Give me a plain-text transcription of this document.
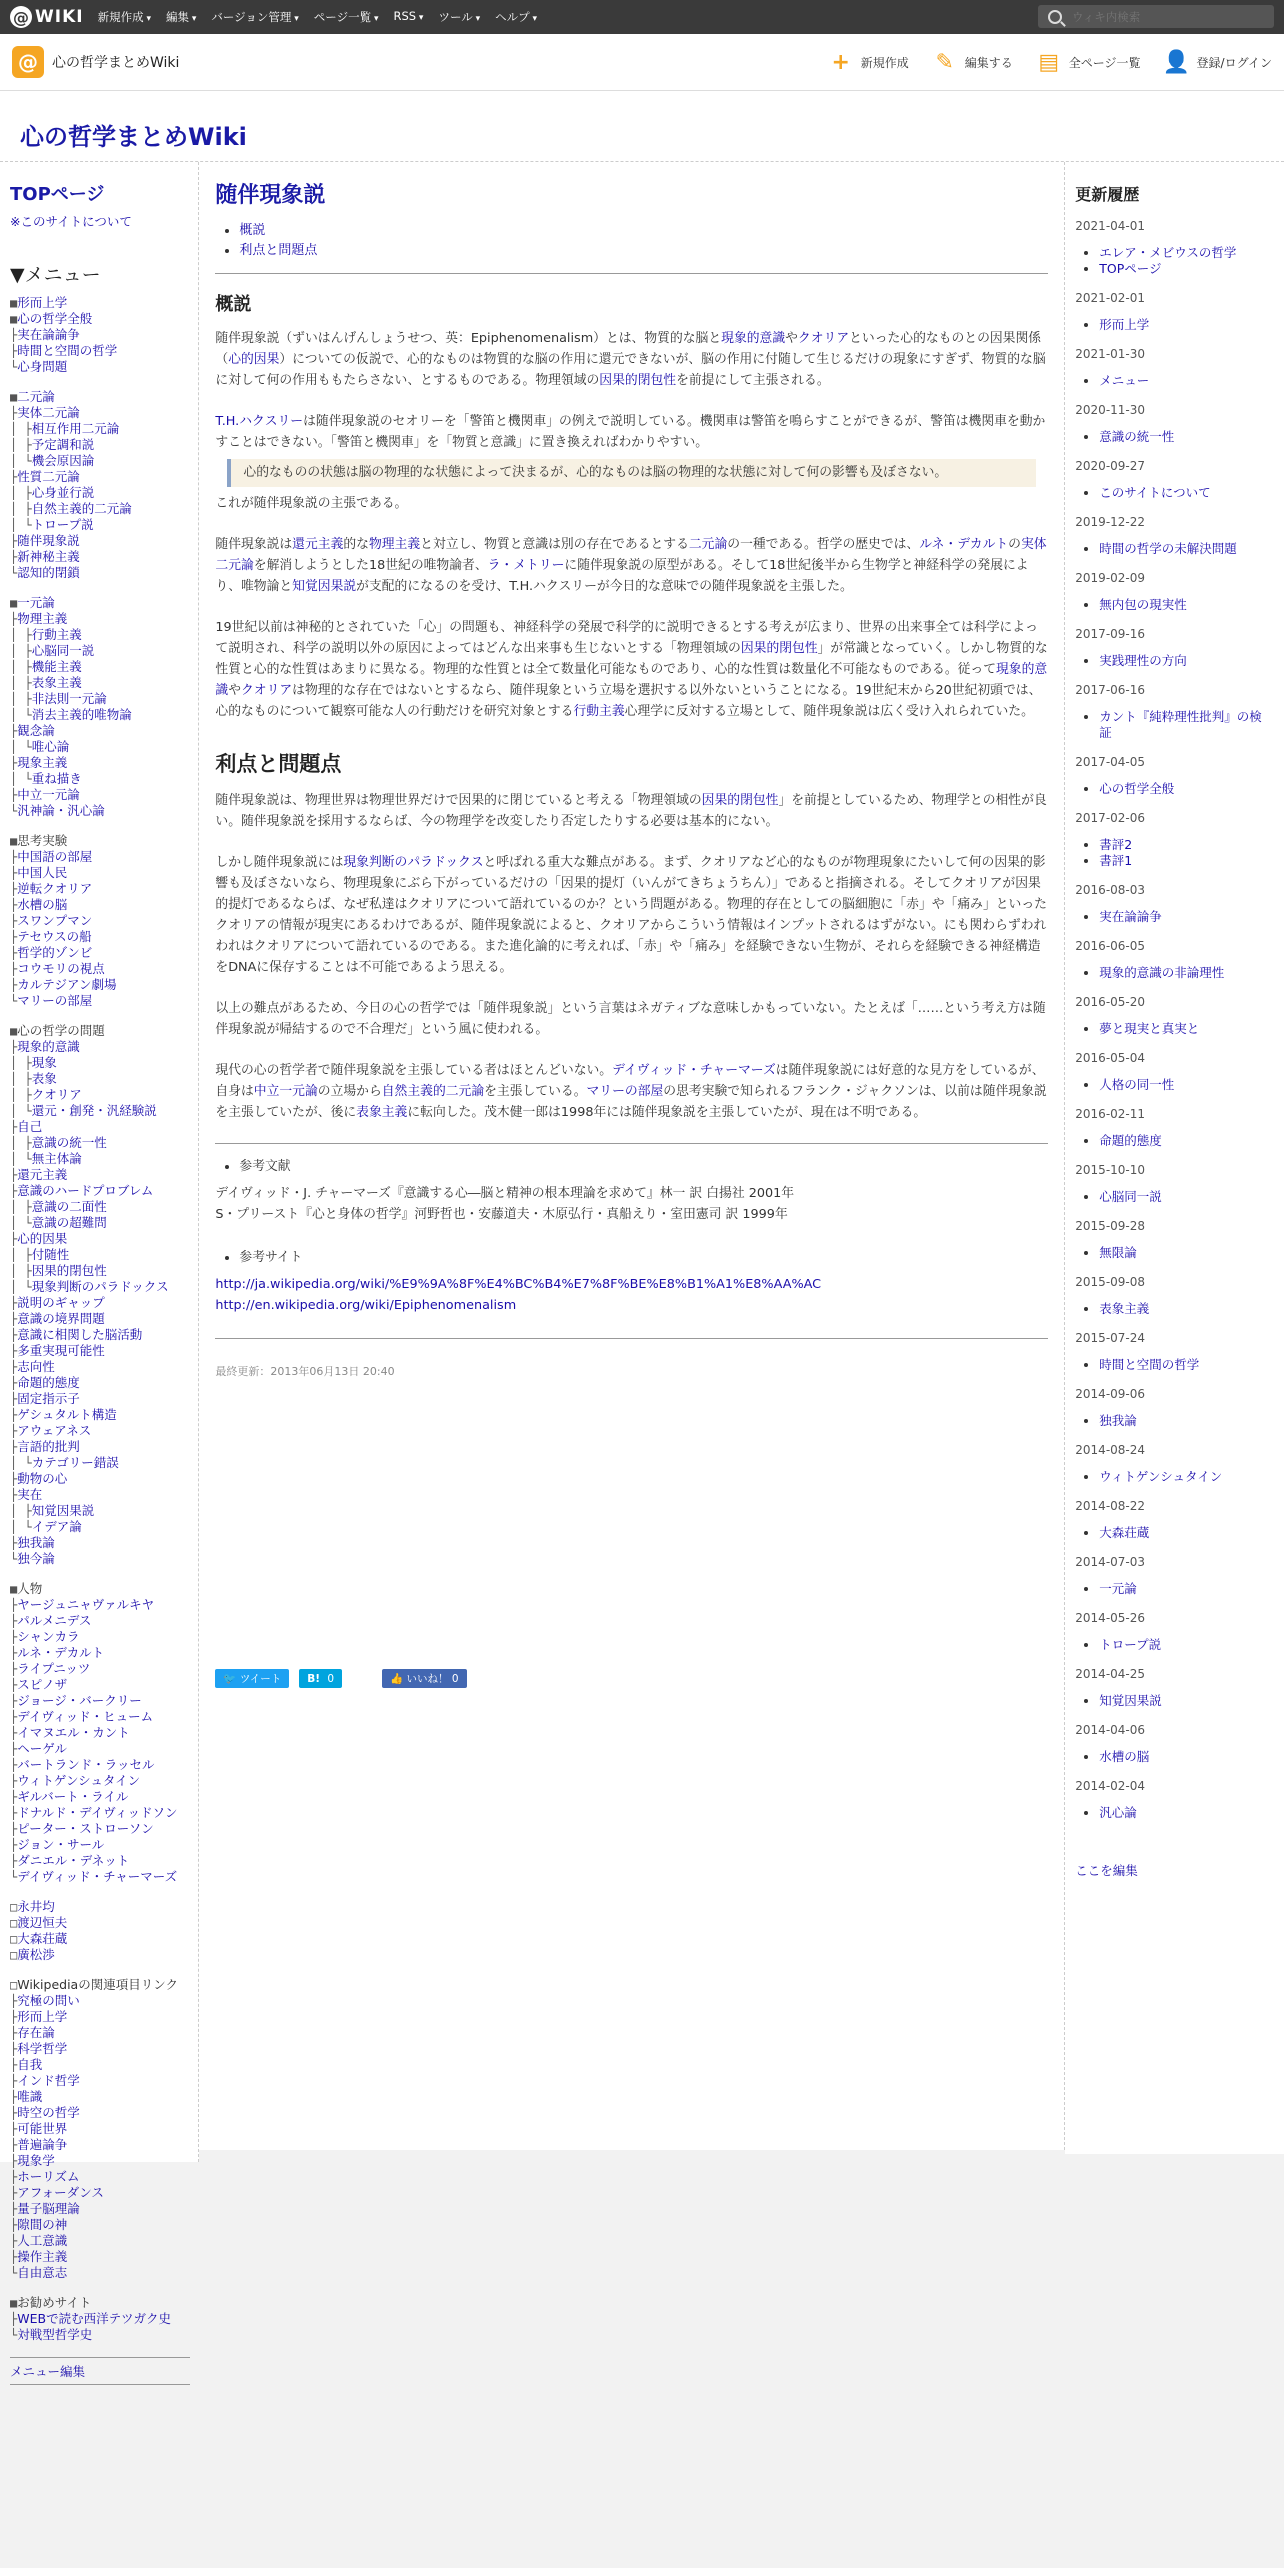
@ WIKI 新規作成 ▾	編集 ▾	バージョン管理 ▾	ページ一覧 ▾	RSS ▾	ツール ▾	ヘルプ ▾
ウィキ内検索
@	心の哲学まとめWiki	+ 新規作成 ✎ 編集する ▤ 全ページ一覧 👤 登録/ログイン
心の哲学まとめWiki
TOPページ
※このサイトについて
▼メニュー
■形而上学
■心の哲学全般
├実在論論争
├時間と空間の哲学
└心身問題
■二元論
├実体二元論
│ ├相互作用二元論
│ ├予定調和説
│ └機会原因論
├性質二元論
│ ├心身並行説
│ ├自然主義的二元論
│ └トロープ説
├随伴現象説
├新神秘主義
└認知的閉鎖
■一元論
├物理主義
│ ├行動主義
│ ├心脳同一説
│ ├機能主義
│ ├表象主義
│ ├非法則一元論
│ └消去主義的唯物論
├観念論
│ └唯心論
├現象主義
│ └重ね描き
├中立一元論
└汎神論・汎心論
■思考実験
├中国語の部屋
├中国人民
├逆転クオリア
├水槽の脳
├スワンプマン
├テセウスの船
├哲学的ゾンビ
├コウモリの視点
├カルテジアン劇場
└マリーの部屋
■心の哲学の問題
├現象的意識
│ ├現象
│ ├表象
│ ├クオリア
│ └還元・創発・汎経験説
├自己
│ ├意識の統一性
│ └無主体論
├還元主義
├意識のハードプロブレム
│ ├意識の二面性
│ └意識の超難問
├心的因果
│ ├付随性
│ ├因果的閉包性
│ └現象判断のパラドックス
├説明のギャップ
├意識の境界問題
├意識に相関した脳活動
├多重実現可能性
├志向性
├命題的態度
├固定指示子
├ゲシュタルト構造
├アウェアネス
├言語的批判
│ └カテゴリー錯誤
├動物の心
├実在
│ ├知覚因果説
│ └イデア論
├独我論
└独今論
■人物
├ヤージュニャヴァルキヤ
├パルメニデス
├シャンカラ
├ルネ・デカルト
├ライプニッツ
├スピノザ
├ジョージ・バークリー
├デイヴィッド・ヒューム
├イマヌエル・カント
├ヘーゲル
├バートランド・ラッセル
├ウィトゲンシュタイン
├ギルバート・ライル
├ドナルド・デイヴィッドソン
├ピーター・ストローソン
├ジョン・サール
├ダニエル・デネット
└デイヴィッド・チャーマーズ
□永井均
□渡辺恒夫
□大森荘蔵
□廣松渉
□Wikipediaの関連項目リンク
├究極の問い
├形而上学
├存在論
├科学哲学
├自我
├インド哲学
├唯識
├時空の哲学
├可能世界
├普遍論争
├現象学
├ホーリズム
├アフォーダンス
├量子脳理論
├隙間の神
├人工意識
├操作主義
└自由意志
■お勧めサイト
├WEBで読む西洋テツガク史
└対戦型哲学史
メニュー編集
随伴現象説
• 概説
• 利点と問題点
概説

随伴現象説（ずいはんげんしょうせつ、英：Epiphenomenalism）とは、物質的な脳と現象的意識やクオリアといった心的なものとの因果関係（心的因果）についての仮説で、心的なものは物質的な脳の作用に還元できないが、脳の作用に付随して生じるだけの現象にすぎず、物質的な脳に対して何の作用ももたらさない、とするものである。物理領域の因果的閉包性を前提にして主張される。

T.H.ハクスリーは随伴現象説のセオリーを「警笛と機関車」の例えで説明している。機関車は警笛を鳴らすことができるが、警笛は機関車を動かすことはできない。「警笛と機関車」を「物質と意識」に置き換えればわかりやすい。

心的なものの状態は脳の物理的な状態によって決まるが、心的なものは脳の物理的な状態に対して何の影響も及ぼさない。

これが随伴現象説の主張である。

随伴現象説は還元主義的な物理主義と対立し、物質と意識は別の存在であるとする二元論の一種である。哲学の歴史では、ルネ・デカルトの実体二元論を解消しようとした18世紀の唯物論者、ラ・メトリーに随伴現象説の原型がある。そして18世紀後半から生物学と神経科学の発展により、唯物論と知覚因果説が支配的になるのを受け、T.H.ハクスリーが今日的な意味での随伴現象説を主張した。

19世紀以前は神秘的とされていた「心」の問題も、神経科学の発展で科学的に説明できるとする考えが広まり、世界の出来事全ては科学によって説明され、科学の説明以外の原因によってはどんな出来事も生じないとする「物理領域の因果的閉包性」が常識となっていく。しかし物質的な性質と心的な性質はあまりに異なる。物理的な性質とは全て数量化可能なものであり、心的な性質は数量化不可能なものである。従って現象的意識やクオリアは物理的な存在ではないとするなら、随伴現象という立場を選択する以外ないということになる。19世紀末から20世紀初頭では、心的なものについて観察可能な人の行動だけを研究対象とする行動主義心理学に反対する立場として、随伴現象説は広く受け入れられていた。

利点と問題点

随伴現象説は、物理世界は物理世界だけで因果的に閉じていると考える「物理領域の因果的閉包性」を前提としているため、物理学との相性が良い。随伴現象説を採用するならば、今の物理学を改変したり否定したりする必要は基本的にない。

しかし随伴現象説には現象判断のパラドックスと呼ばれる重大な難点がある。まず、クオリアなど心的なものが物理現象にたいして何の因果的影響も及ぼさないなら、物理現象にぶら下がっているだけの「因果的提灯（いんがてきちょうちん）」であると指摘される。そしてクオリアが因果的提灯であるならば、なぜ私達はクオリアについて語れているのか？という問題がある。物理的存在としての脳細胞に「赤」や「痛み」といったクオリアの情報が現実にあるわけであるが、随伴現象説によると、クオリアからこういう情報はインプットされるはずがない。にも関わらずわれわれはクオリアについて語れているのである。また進化論的に考えれば、「赤」や「痛み」を経験できない生物が、それらを経験できる神経構造をDNAに保存することは不可能であるよう思える。

以上の難点があるため、今日の心の哲学では「随伴現象説」という言葉はネガティブな意味しかもっていない。たとえば「……という考え方は随伴現象説が帰結するので不合理だ」という風に使われる。

現代の心の哲学者で随伴現象説を主張している者はほとんどいない。デイヴィッド・チャーマーズは随伴現象説には好意的な見方をしているが、自身は中立一元論の立場から自然主義的二元論を主張している。マリーの部屋の思考実験で知られるフランク・ジャクソンは、以前は随伴現象説を主張していたが、後に表象主義に転向した。茂木健一郎は1998年には随伴現象説を主張していたが、現在は不明である。

• 参考文献
デイヴィッド・J. チャーマーズ『意識する心―脳と精神の根本理論を求めて』林一 訳 白揚社 2001年
S・プリースト『心と身体の哲学』河野哲也・安藤道夫・木原弘行・真船えり・室田憲司 訳 1999年
• 参考サイト
http://ja.wikipedia.org/wiki/%E9%9A%8F%E4%BC%B4%E7%8F%BE%E8%B1%A1%E8%AA%AC
http://en.wikipedia.org/wiki/Epiphenomenalism
最終更新：2013年06月13日 20:40
🐦 ツイート B! 0	👍 いいね！ 0
更新履歴
2021-04-01
• エレア・メビウスの哲学
• TOPページ
2021-02-01
• 形而上学
2021-01-30
• メニュー
2020-11-30
• 意識の統一性
2020-09-27
• このサイトについて
2019-12-22
• 時間の哲学の未解決問題
2019-02-09
• 無内包の現実性
2017-09-16
• 実践理性の方向
2017-06-16
• カント『純粋理性批判』の検証
2017-04-05
• 心の哲学全般
2017-02-06
• 書評2
• 書評1
2016-08-03
• 実在論論争
2016-06-05
• 現象的意識の非論理性
2016-05-20
• 夢と現実と真実と
2016-05-04
• 人格の同一性
2016-02-11
• 命題的態度
2015-10-10
• 心脳同一説
2015-09-28
• 無限論
2015-09-08
• 表象主義
2015-07-24
• 時間と空間の哲学
2014-09-06
• 独我論
2014-08-24
• ウィトゲンシュタイン
2014-08-22
• 大森荘蔵
2014-07-03
• 一元論
2014-05-26
• トロープ説
2014-04-25
• 知覚因果説
2014-04-06
• 水槽の脳
2014-02-04
• 汎心論
ここを編集
